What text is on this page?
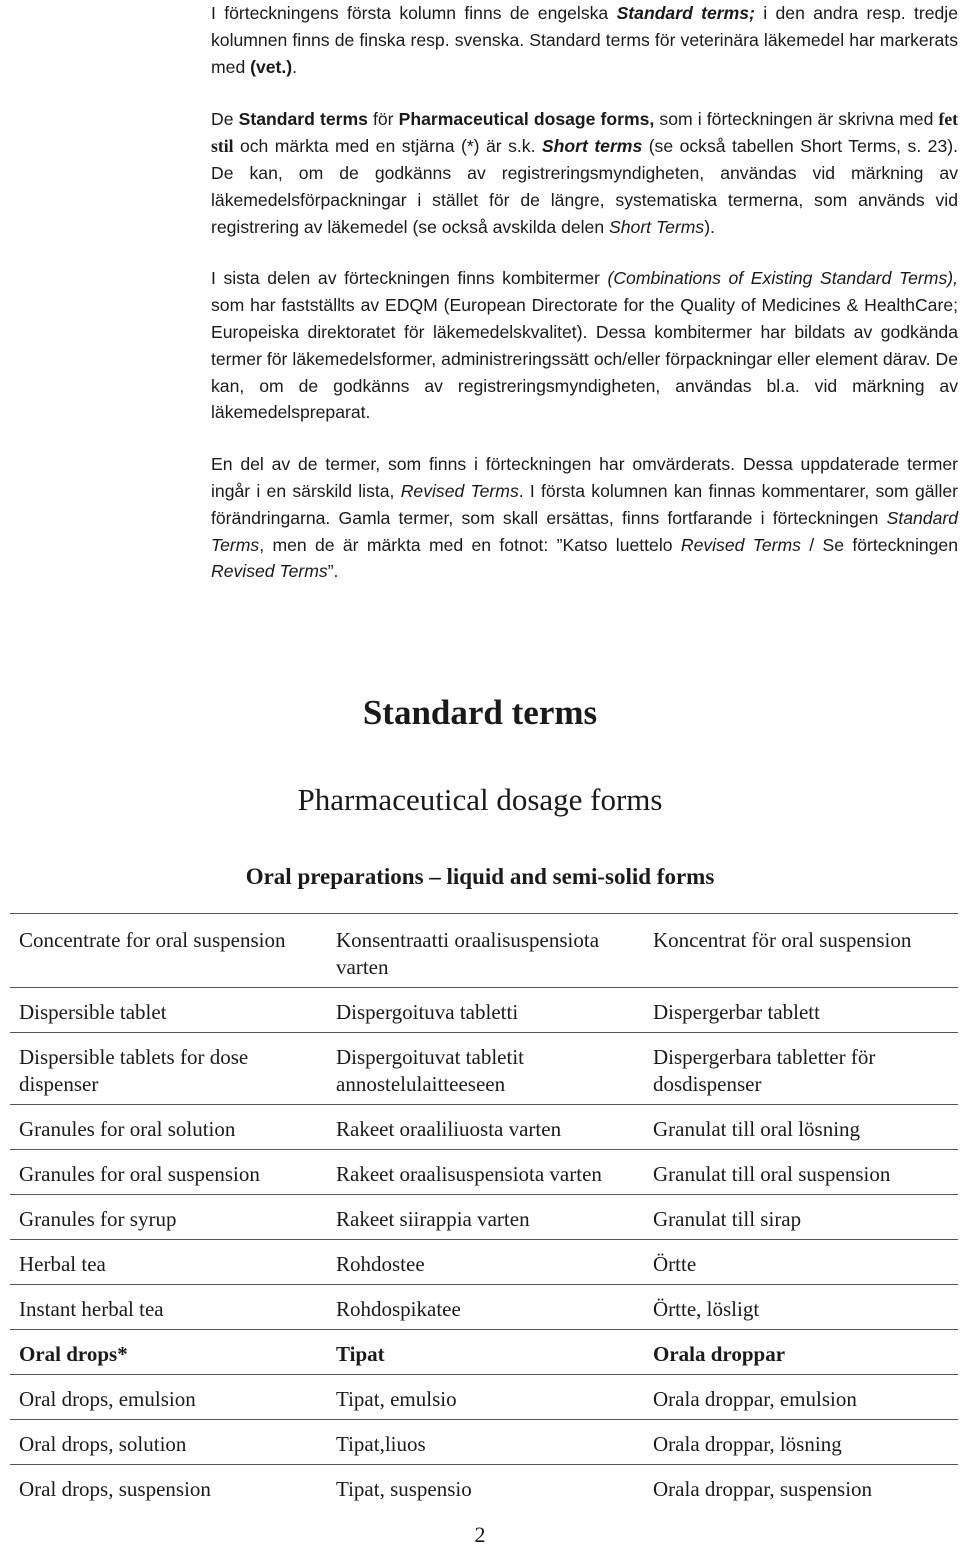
I förteckningens första kolumn finns de engelska Standard terms; i den andra resp. tredje kolumnen finns de finska resp. svenska. Standard terms för veterinära läkemedel har markerats med (vet.).

De Standard terms för Pharmaceutical dosage forms, som i förteckningen är skrivna med fet stil och märkta med en stjärna (*) är s.k. Short terms (se också tabellen Short Terms, s. 23). De kan, om de godkänns av registreringsmyndigheten, användas vid märkning av läkemedelsförpackningar i stället för de längre, systematiska termerna, som används vid registrering av läkemedel (se också avskilda delen Short Terms).

I sista delen av förteckningen finns kombitermer (Combinations of Existing Standard Terms), som har fastställts av EDQM (European Directorate for the Quality of Medicines & HealthCare; Europeiska direktoratet för läkemedelskvalitet). Dessa kombitermer har bildats av godkända termer för läkemedelsformer, administreringssätt och/eller förpackningar eller element därav. De kan, om de godkänns av registreringsmyndigheten, användas bl.a. vid märkning av läkemedelspreparat.

En del av de termer, som finns i förteckningen har omvärderats. Dessa uppdaterade termer ingår i en särskild lista, Revised Terms. I första kolumnen kan finnas kommentarer, som gäller förändringarna. Gamla termer, som skall ersättas, finns fortfarande i förteckningen Standard Terms, men de är märkta med en fotnot: ”Katso luettelo Revised Terms / Se förteckningen Revised Terms”.

Standard terms
Pharmaceutical dosage forms
Oral preparations – liquid and semi-solid forms
Concentrate for oral suspension	Konsentraatti oraalisuspensiota varten	Koncentrat för oral suspension
Dispersible tablet	Dispergoituva tabletti	Dispergerbar tablett
Dispersible tablets for dose dispenser	Dispergoituvat tabletit annostelulaitteeseen	Dispergerbara tabletter för dosdispenser
Granules for oral solution	Rakeet oraaliliuosta varten	Granulat till oral lösning
Granules for oral suspension	Rakeet oraalisuspensiota varten	Granulat till oral suspension
Granules for syrup	Rakeet siirappia varten	Granulat till sirap
Herbal tea	Rohdostee	Örtte
Instant herbal tea	Rohdospikatee	Örtte, lösligt
Oral drops*	Tipat	Orala droppar
Oral drops, emulsion	Tipat, emulsio	Orala droppar, emulsion
Oral drops, solution	Tipat,liuos	Orala droppar, lösning
Oral drops, suspension	Tipat, suspensio	Orala droppar, suspension
2
